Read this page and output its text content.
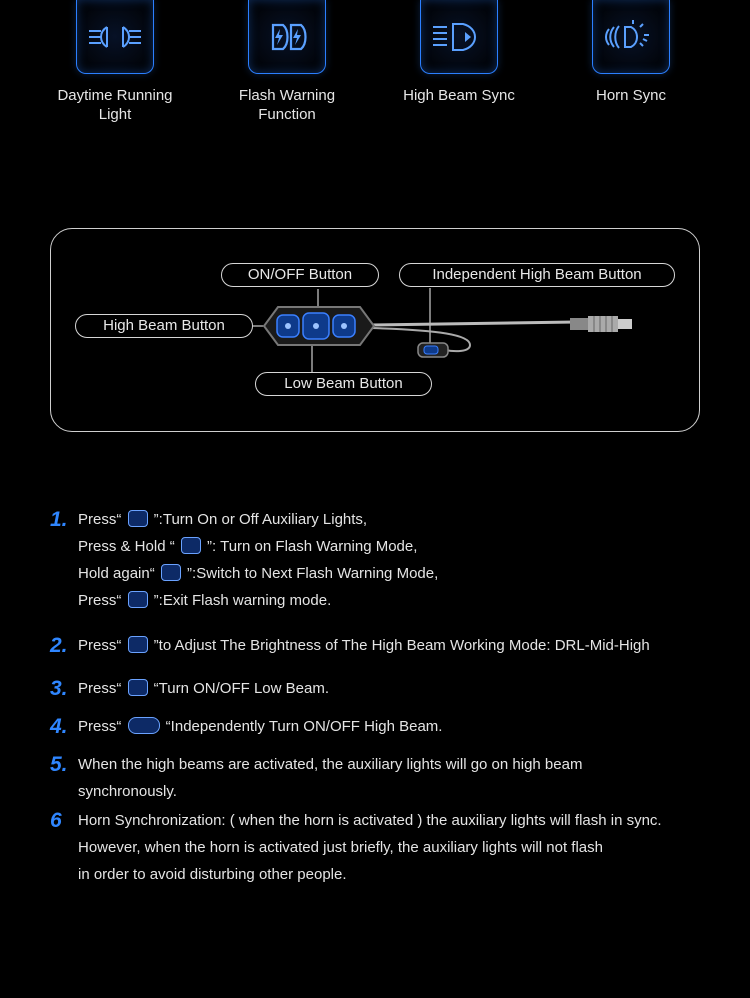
Daytime Running
Light
Flash Warning
Function
High Beam Sync	Horn Sync
ON/OFF Button	Independent High Beam Button
High Beam Button
Low Beam Button
1. Press“  ”:Turn On or Off Auxiliary Lights,
Press & Hold “  ”: Turn on Flash Warning Mode,
Hold again“  ”:Switch to Next Flash Warning Mode,
Press“  ”:Exit Flash warning mode.
2. Press“  ”to Adjust The Brightness of The High Beam Working Mode: DRL-Mid-High
3. Press“  “Turn ON/OFF Low Beam.
4. Press“  “Independently Turn ON/OFF High Beam.
5. When the high beams are activated, the auxiliary lights will go on high beam
synchronously.
6 Horn Synchronization: ( when the horn is activated ) the auxiliary lights will flash in sync.
However, when the horn is activated just briefly, the auxiliary lights will not flash
in order to avoid disturbing other people.
